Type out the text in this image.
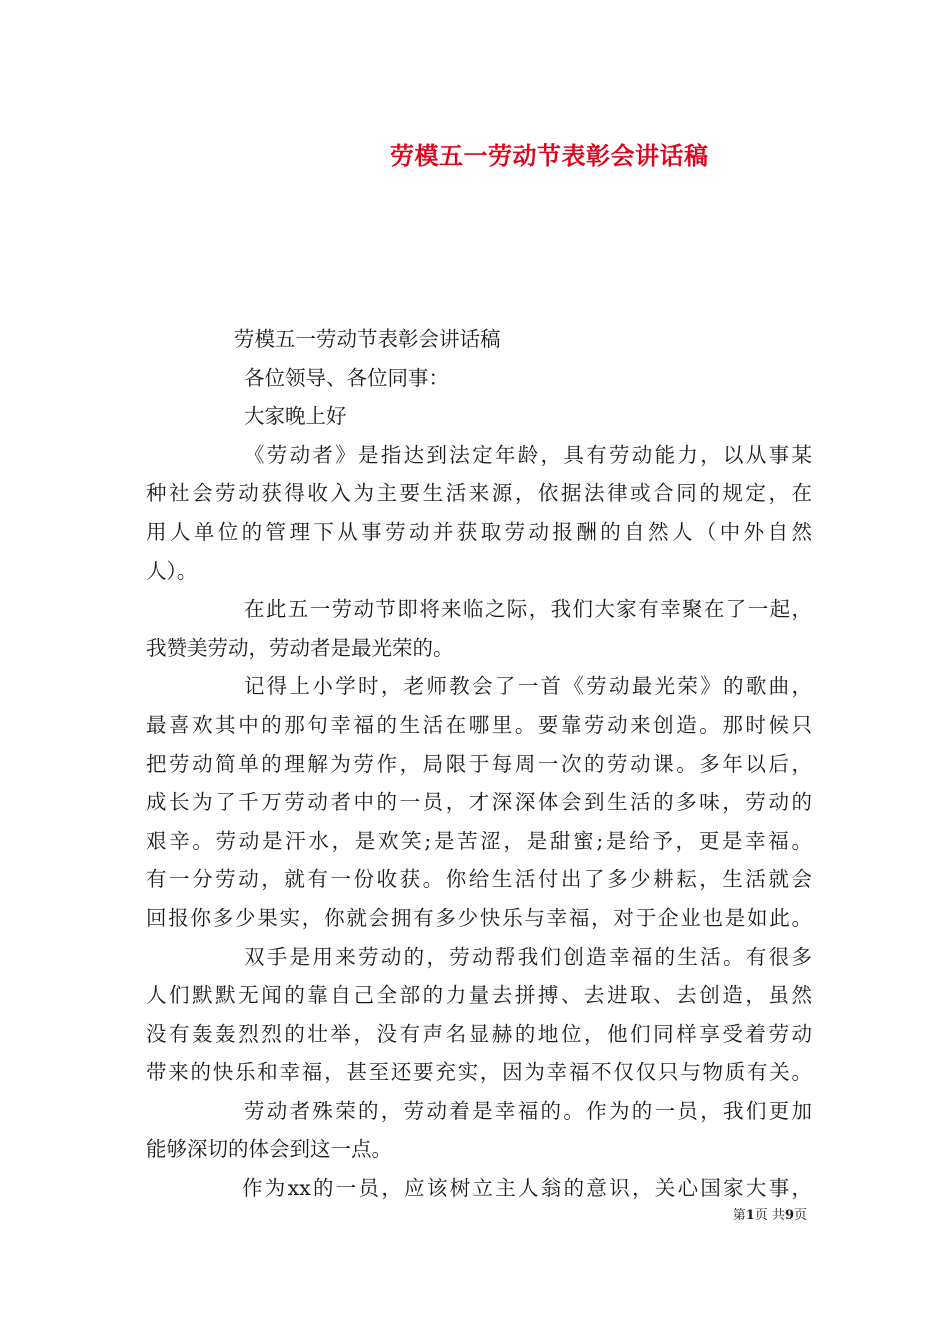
劳模五一劳动节表彰会讲话稿
劳模五一劳动节表彰会讲话稿
各位领导、各位同事：
大家晚上好
《劳动者》是指达到法定年龄，具有劳动能力，以从事某
种社会劳动获得收入为主要生活来源，依据法律或合同的规定，在
用人单位的管理下从事劳动并获取劳动报酬的自然人（中外自然
人）。
在此五一劳动节即将来临之际，我们大家有幸聚在了一起，
我赞美劳动，劳动者是最光荣的。
记得上小学时，老师教会了一首《劳动最光荣》的歌曲，
最喜欢其中的那句幸福的生活在哪里。要靠劳动来创造。那时候只
把劳动简单的理解为劳作，局限于每周一次的劳动课。多年以后，
成长为了千万劳动者中的一员，才深深体会到生活的多味，劳动的
艰辛。劳动是汗水，是欢笑;是苦涩，是甜蜜;是给予，更是幸福。
有一分劳动，就有一份收获。你给生活付出了多少耕耘，生活就会
回报你多少果实，你就会拥有多少快乐与幸福，对于企业也是如此。
双手是用来劳动的，劳动帮我们创造幸福的生活。有很多
人们默默无闻的靠自己全部的力量去拼搏、去进取、去创造，虽然
没有轰轰烈烈的壮举，没有声名显赫的地位，他们同样享受着劳动
带来的快乐和幸福，甚至还要充实，因为幸福不仅仅只与物质有关。
劳动者殊荣的，劳动着是幸福的。作为的一员，我们更加
能够深切的体会到这一点。
作为xx的一员，应该树立主人翁的意识，关心国家大事，
第1页 共9页
